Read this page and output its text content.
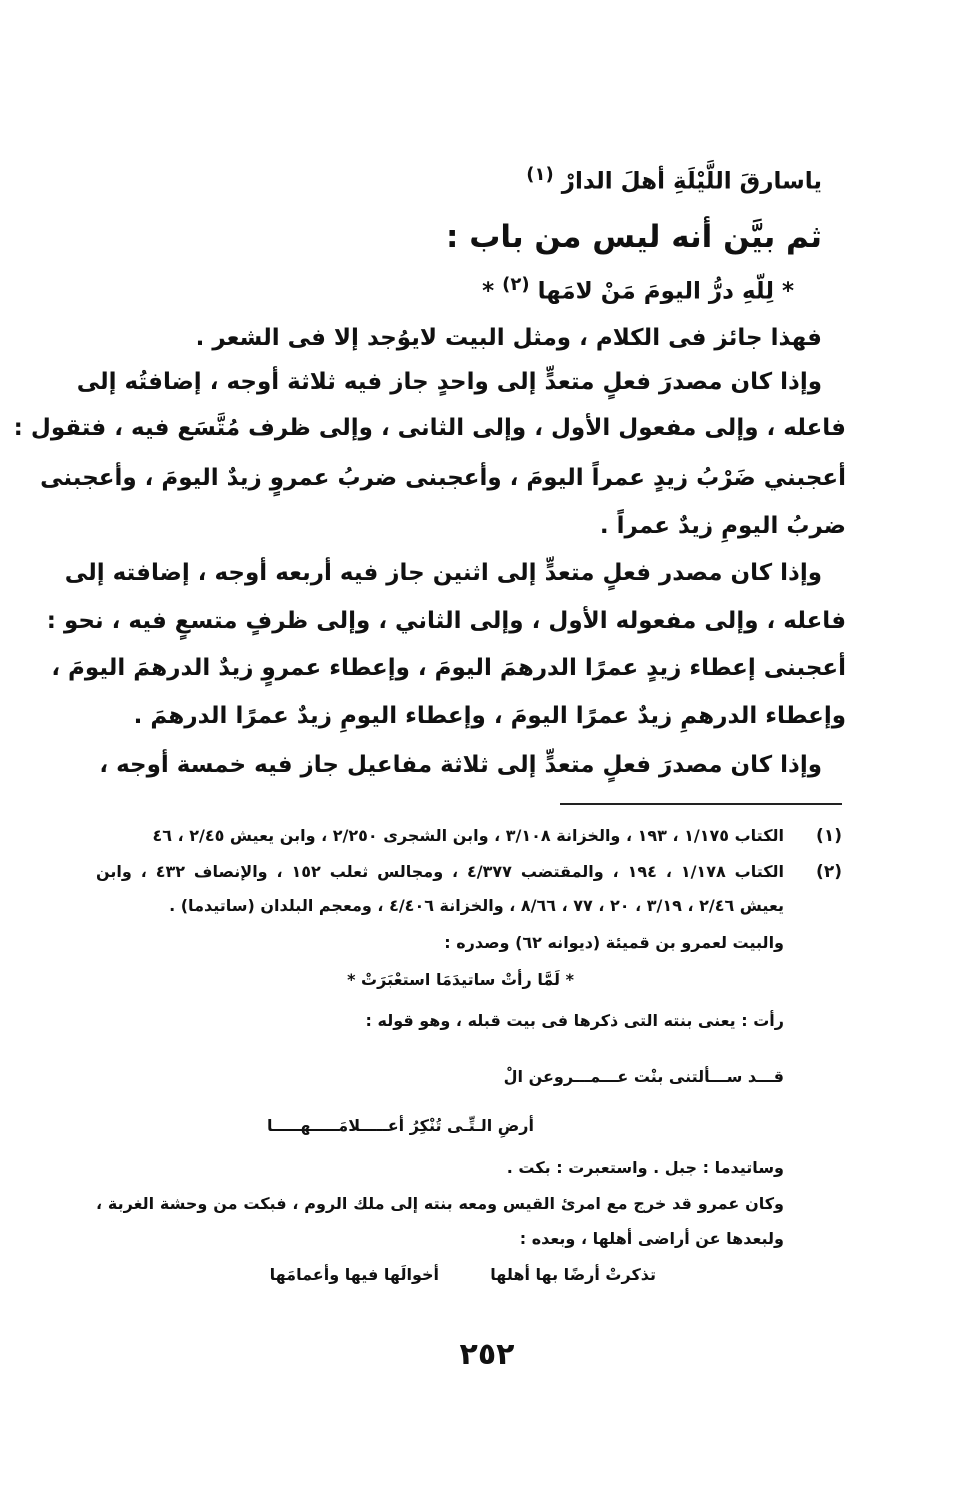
ياسارقَ اللَّيْلَةِ أهلَ الدارْ $^{(١)}$
ثم بيَّن أنه ليس من باب :
* لِلّهِ درُّ اليومَ مَنْ لامَها $^{(٢)}$ *
فهذا جائز فى الكلام ، ومثل البيت لايوُجد إلا فى الشعر .
وإذا كان مصدرَ فعلٍ متعدٍّ إلى واحدٍ جاز فيه ثلاثة أوجه ، إضافتُه إلى
فاعله ، وإلى مفعول الأول ، وإلى الثانى ، وإلى ظرف مُتَّسَع فيه ، فتقول :
أعجبني ضَرْبُ زيدٍ عمراً اليومَ ، وأعجبنى ضربُ عمروٍ زيدٌ اليومَ ، وأعجبنى
ضربُ اليومِ زيدٌ عمراً .
وإذا كان مصدر فعلٍ متعدٍّ إلى اثنين جاز فيه أربعه أوجه ، إضافته إلى
فاعله ، وإلى مفعوله الأول ، وإلى الثاني ، وإلى ظرفٍ متسعٍ فيه ، نحو :
أعجبنى إعطاء زيدٍ عمرًا الدرهمَ اليومَ ، وإعطاء عمروٍ زيدٌ الدرهمَ اليومَ ،
وإعطاء الدرهمِ زيدٌ عمرًا اليومَ ، وإعطاء اليومِ زيدٌ عمرًا الدرهمَ .
وإذا كان مصدرَ فعلٍ متعدٍّ إلى ثلاثة مفاعيل جاز فيه خمسة أوجه ،
(١)
الكتاب ١/١٧٥ ، ١٩٣ ، والخزانة ٣/١٠٨ ، وابن الشجرى ٢/٢٥٠ ، وابن يعيش ٢/٤٥ ، ٤٦
(٢)
الكتاب ١/١٧٨ ، ١٩٤ ، والمقتضب ٤/٣٧٧ ، ومجالس ثعلب ١٥٢ ، والإنصاف ٤٣٢ ، وابن
يعيش ٢/٤٦ ، ٣/١٩ ، ٢٠ ، ٧٧ ، ٨/٦٦ ، والخزانة ٤/٤٠٦ ، ومعجم البلدان (ساتيدما) .
والبيت لعمرو بن قميئة (ديوانه ٦٢) وصدره :
* لَمَّا رأتْ ساتيدَمَا استعْبَرَتْ *
رأت : يعنى بنته التى ذكرها فى بيت قبله ، وهو قوله :
قـــد ســـألتنى بنْت عـــمـــروعن الْ
أرضِ الـتِّـى تُنْكِرُ أعـــــلامَـــــهـــــا
وساتيدما : جبل . واستعبرت : بكت .
وكان عمرو قد خرج مع امرئ القيس ومعه بنته إلى ملك الروم ، فبكت من وحشة الغربة ،
ولبعدها عن أراضى أهلها ، وبعده :
تذكرتْ أرضًا بها أهلها
أخوالَها فيها وأعمامَها
٢٥٢
